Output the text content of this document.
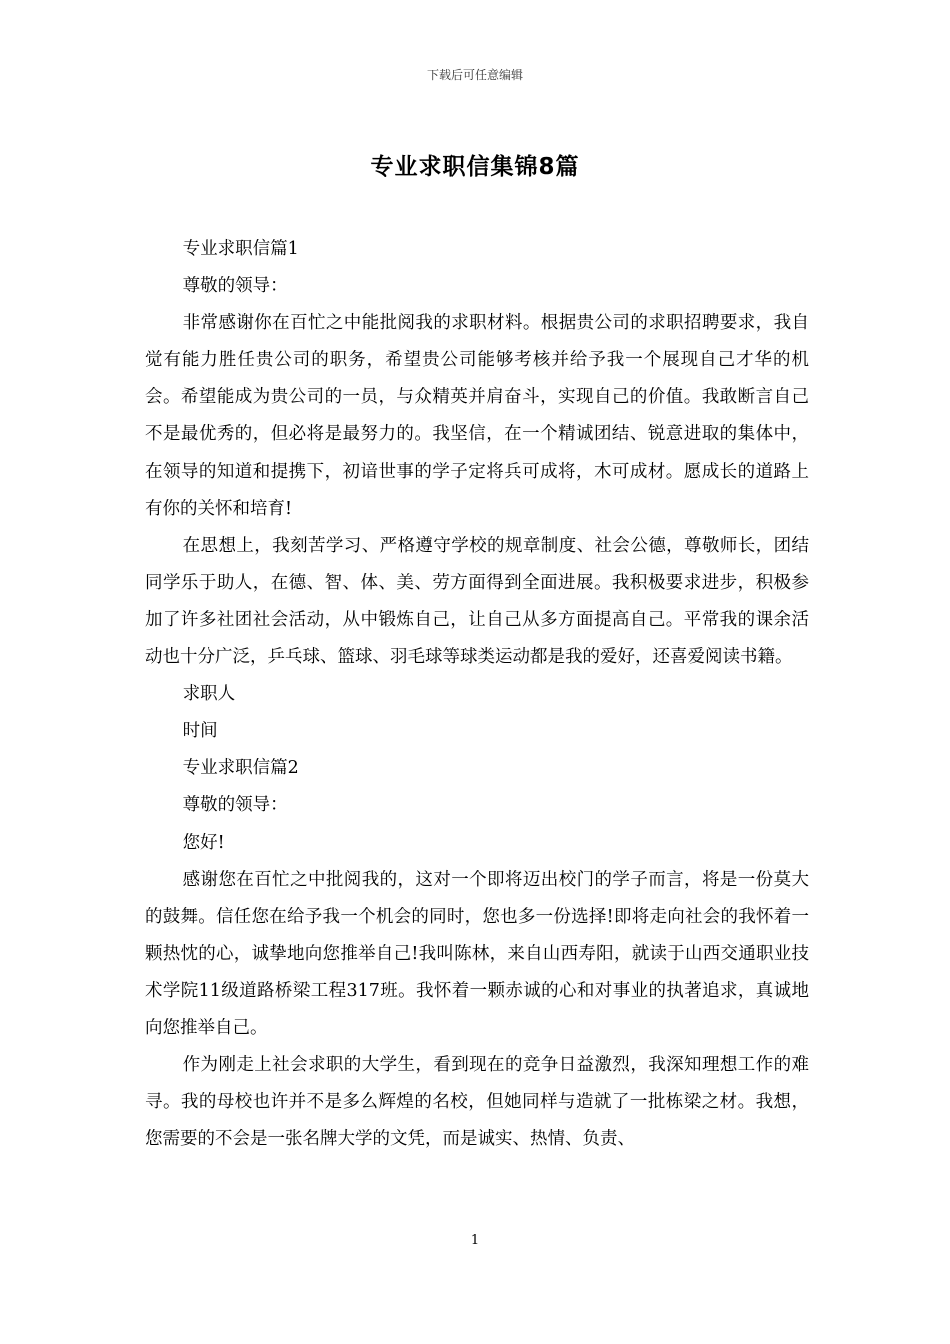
下载后可任意编辑
专业求职信集锦8篇

专业求职信篇1

尊敬的领导：

非常感谢你在百忙之中能批阅我的求职材料。根据贵公司的求职招聘要求，我自觉有能力胜任贵公司的职务，希望贵公司能够考核并给予我一个展现自己才华的机会。希望能成为贵公司的一员，与众精英并肩奋斗，实现自己的价值。我敢断言自己不是最优秀的，但必将是最努力的。我坚信，在一个精诚团结、锐意进取的集体中，在领导的知道和提携下，初谙世事的学子定将兵可成将，木可成材。愿成长的道路上有你的关怀和培育!

在思想上，我刻苦学习、严格遵守学校的规章制度、社会公德，尊敬师长，团结同学乐于助人，在德、智、体、美、劳方面得到全面进展。我积极要求进步，积极参加了许多社团社会活动，从中锻炼自己，让自己从多方面提高自己。平常我的课余活动也十分广泛，乒乓球、篮球、羽毛球等球类运动都是我的爱好，还喜爱阅读书籍。

求职人

时间

专业求职信篇2

尊敬的领导：

您好!

感谢您在百忙之中批阅我的，这对一个即将迈出校门的学子而言，将是一份莫大的鼓舞。信任您在给予我一个机会的同时，您也多一份选择!即将走向社会的我怀着一颗热忱的心，诚挚地向您推举自己!我叫陈林，来自山西寿阳，就读于山西交通职业技术学院11级道路桥梁工程317班。我怀着一颗赤诚的心和对事业的执著追求，真诚地向您推举自己。

作为刚走上社会求职的大学生，看到现在的竞争日益激烈，我深知理想工作的难寻。我的母校也许并不是多么辉煌的名校，但她同样与造就了一批栋梁之材。我想，您需要的不会是一张名牌大学的文凭，而是诚实、热情、负责、

1
